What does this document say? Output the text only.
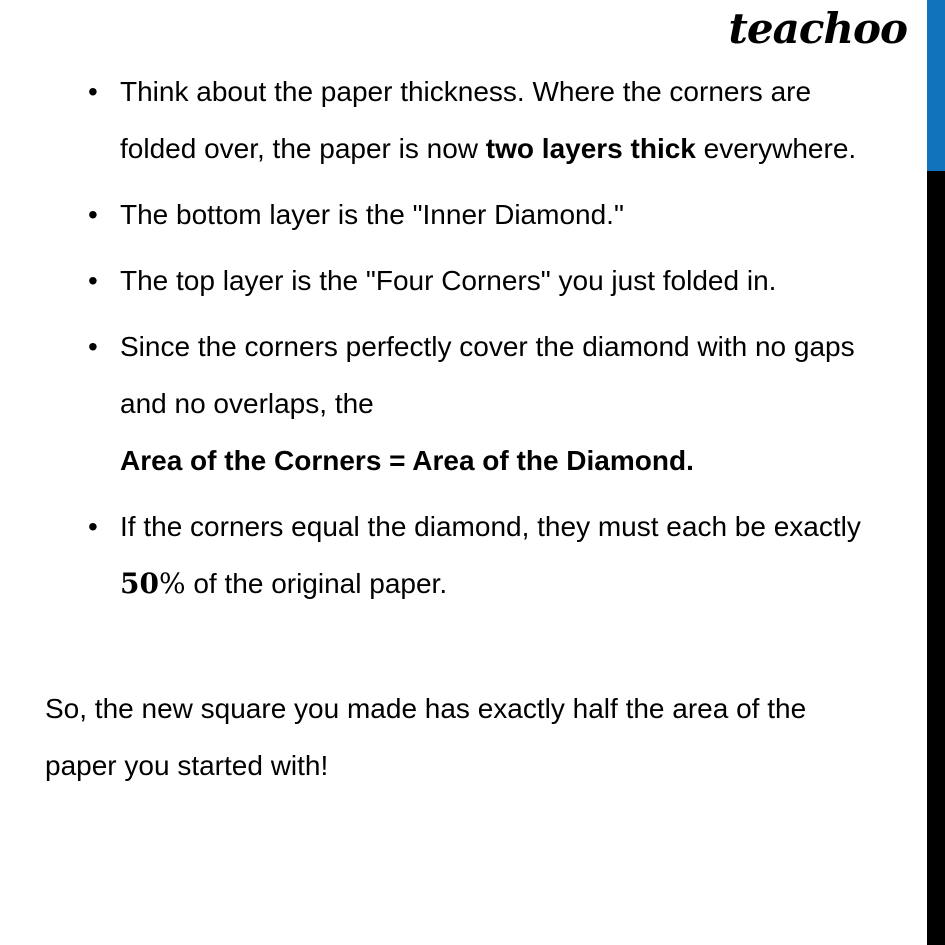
teachoo
• Think about the paper thickness. Where the corners are
folded over, the paper is now two layers thick everywhere.
• The bottom layer is the "Inner Diamond."
• The top layer is the "Four Corners" you just folded in.
• Since the corners perfectly cover the diamond with no gaps
and no overlaps, the
Area of the Corners = Area of the Diamond.
• If the corners equal the diamond, they must each be exactly
50% of the original paper.

So, the new square you made has exactly half the area of the
paper you started with!
